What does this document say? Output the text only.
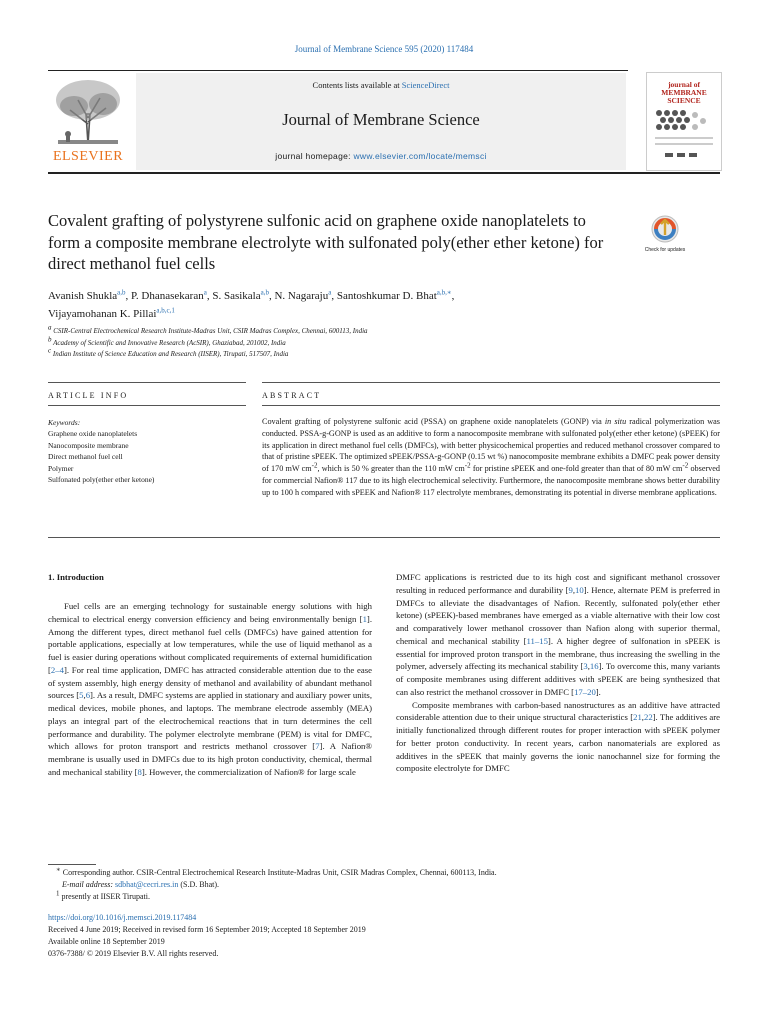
Journal of Membrane Science 595 (2020) 117484
ELSEVIER
Contents lists available at ScienceDirect
Journal of Membrane Science
journal homepage: www.elsevier.com/locate/memsci
journal of MEMBRANE SCIENCE
Covalent grafting of polystyrene sulfonic acid on graphene oxide nanoplatelets to form a composite membrane electrolyte with sulfonated poly(ether ether ketone) for direct methanol fuel cells
Check for updates
Avanish Shukla$^{a,b}$, P. Dhanasekaran$^a$, S. Sasikala$^{a,b}$, N. Nagaraju$^a$, Santoshkumar D. Bhat$^{a,b,∗}$,
Vijayamohanan K. Pillai$^{a,b,c,1}$
$^a$ CSIR-Central Electrochemical Research Institute-Madras Unit, CSIR Madras Complex, Chennai, 600113, India
$^b$ Academy of Scientific and Innovative Research (AcSIR), Ghaziabad, 201002, India
$^c$ Indian Institute of Science Education and Research (IISER), Tirupati, 517507, India
ARTICLE INFO	ABSTRACT
Keywords:
Graphene oxide nanoplatelets
Nanocomposite membrane
Direct methanol fuel cell
Polymer
Sulfonated poly(ether ether ketone)
Covalent grafting of polystyrene sulfonic acid (PSSA) on graphene oxide nanoplatelets (GONP) via in situ radical polymerization was conducted. PSSA-g-GONP is used as an additive to form a nanocomposite membrane with sulfonated poly(ether ether ketone) (sPEEK) for its application in direct methanol fuel cells (DMFCs), with better physicochemical properties and reduced methanol crossover compared to that of pristine sPEEK. The optimized sPEEK/PSSA-g-GONP (0.15 wt %) nanocomposite membrane exhibits a DMFC peak power density of 170 mW $cm^{-2}$, which is 50 % greater than the 110 mW $cm^{-2}$ for pristine sPEEK and one-fold greater than that of 80 mW $cm^{-2}$ observed for commercial Nafion® 117 due to its high electrochemical selectivity. Furthermore, the nanocomposite membrane shows better durability up to 100 h compared with sPEEK and Nafion® 117 electrolyte membranes, demonstrating its potential in diverse membrane applications.
1. Introduction

Fuel cells are an emerging technology for sustainable energy solutions with high chemical to electrical energy conversion efficiency and being environmentally benign [1]. Among the different types, direct methanol fuel cells (DMFCs) have gained attention for portable applications, especially at low temperatures, while the use of liquid methanol as a fuel is easier during operations without complicated requirements of external humidification [2–4]. For real time application, DMFC has attracted considerable attention due to the ease of system assembly, high energy density of methanol and availability of abundant methanol sources [5,6]. As a result, DMFC systems are applied in stationary and auxiliary power units, medical devices, mobile phones, and laptops. The membrane electrode assembly (MEA) plays an integral part of the electrochemical reactions that in turn determines the cell performance and durability. The polymer electrolyte membrane (PEM) is vital for DMFC, which allows for proton transport and restricts methanol crossover [7]. A Nafion® membrane is usually used in DMFCs due to its high proton conductivity, chemical, thermal and mechanical stability [8]. However, the commercialization of Nafion® for large scale

DMFC applications is restricted due to its high cost and significant methanol crossover resulting in reduced performance and durability [9,10]. Hence, alternate PEM is preferred in DMFCs to alleviate the disadvantages of Nafion. Recently, sulfonated poly(ether ether ketone) (sPEEK)-based membranes have emerged as a viable alternative with their low cost and comparatively lower methanol crossover than Nafion along with superior thermal, chemical and mechanical stability [11–15]. A higher degree of sulfonation in sPEEK is essential for improved proton transport in the membrane, thus increasing the swelling in the polymer, adversely affecting its mechanical stability [3,16]. To overcome this, many variants of composite membranes using different additives with sPEEK are being synthesized that can also restrict the methanol crossover in DMFC [17–20].

Composite membranes with carbon-based nanostructures as an additive have attracted considerable attention due to their unique structural characteristics [21,22]. The additives are initially functionalized through different routes for proper interaction with sPEEK polymer for better proton conductivity. In recent years, carbon nanomaterials are explored as additives in the sPEEK that mainly governs the ionic nanochannel size for forming the composite electrolyte for DMFC

∗ Corresponding author. CSIR-Central Electrochemical Research Institute-Madras Unit, CSIR Madras Complex, Chennai, 600113, India.
E-mail address: sdbhat@cecri.res.in (S.D. Bhat).
$^1$ presently at IISER Tirupati.
https://doi.org/10.1016/j.memsci.2019.117484
Received 4 June 2019; Received in revised form 16 September 2019; Accepted 18 September 2019
Available online 18 September 2019
0376-7388/ © 2019 Elsevier B.V. All rights reserved.
